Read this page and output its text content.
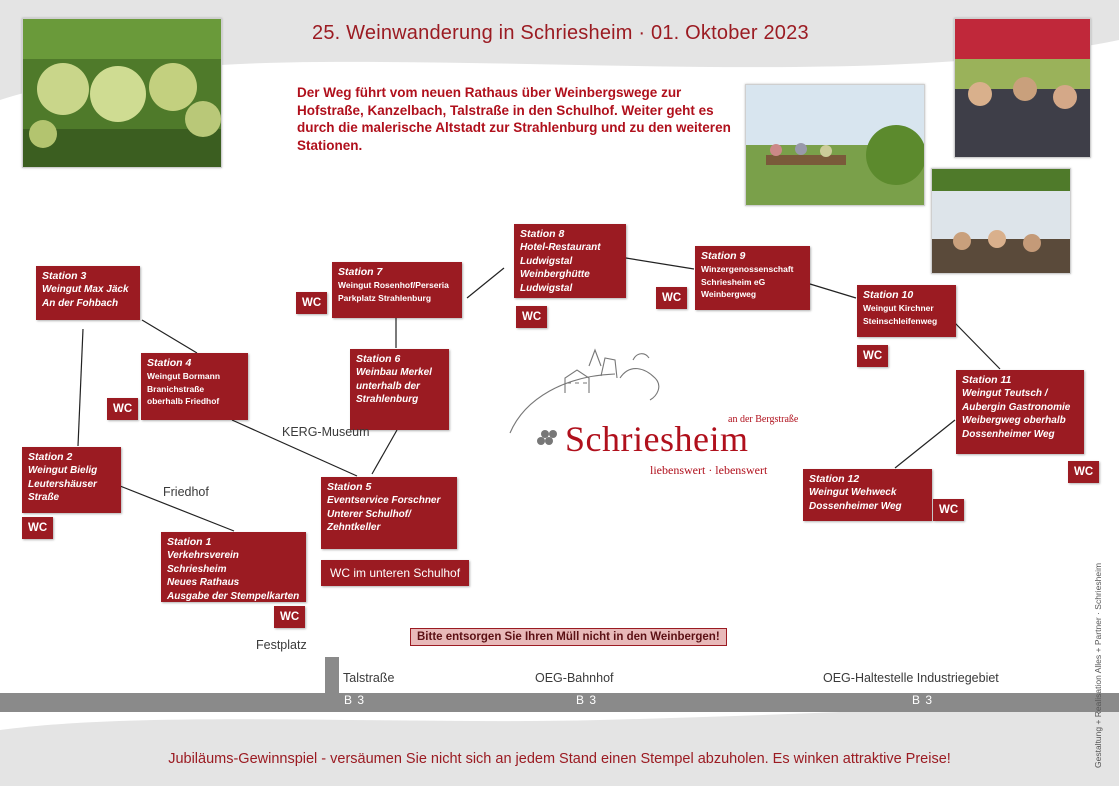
25. Weinwanderung in Schriesheim · 01. Oktober 2023
Der Weg führt vom neuen Rathaus über Weinbergswege zur Hofstraße, Kanzelbach, Talstraße in den Schulhof. Weiter geht es durch die malerische Altstadt zur Strahlenburg und zu den weiteren Stationen.
Station 1
Verkehrsverein Schriesheim
Neues Rathaus
Ausgabe der Stempelkarten
Station 2
Weingut Bielig
Leutershäuser
Straße
Station 3
Weingut Max Jäck
An der Fohbach
Station 4
Weingut Bormann
Branichstraße
oberhalb Friedhof
Station 5
Eventservice Forschner
Unterer Schulhof/
Zehntkeller
Station 6
Weinbau Merkel
unterhalb der
Strahlenburg
Station 7
Weingut Rosenhof/Perseria
Parkplatz Strahlenburg
Station 8
Hotel-Restaurant
Ludwigstal
Weinberghütte
Ludwigstal
Station 9
Winzergenossenschaft
Schriesheim eG
Weinbergweg	Station 10
Weingut Kirchner
Steinschleifenweg
Station 11
Weingut Teutsch /
Aubergin Gastronomie
Weibergweg oberhalb
Dossenheimer Weg
Station 12
Weingut Wehweck
Dossenheimer Weg
WC
WC
WC
WC
WC
WC
WC
WC
WC
WC im unteren Schulhof
KERG-Museum
Friedhof
Festplatz
Talstraße	OEG-Bahnhof	OEG-Haltestelle Industriegebiet
Bitte entsorgen Sie Ihren Müll nicht in den Weinbergen!
B 3	B 3	B 3
Schriesheim
an der Bergstraße
liebenswert · lebenswert
Jubiläums-Gewinnspiel - versäumen Sie nicht sich an jedem Stand einen Stempel abzuholen. Es winken attraktive Preise!	Gestaltung + Realisation Alles + Partner · Schriesheim
